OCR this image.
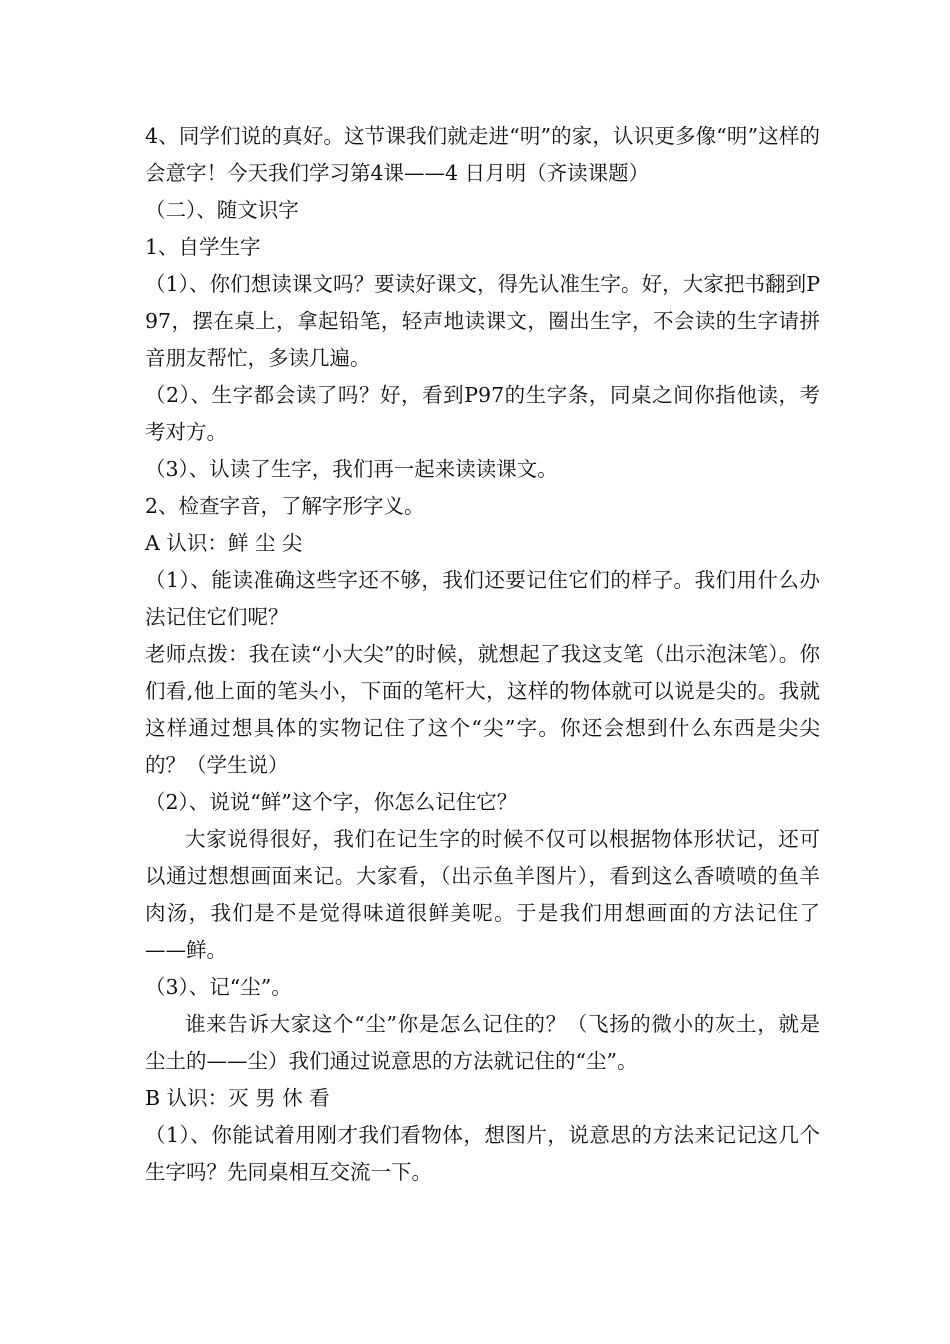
4、同学们说的真好。这节课我们就走进“明”的家，认识更多像“明”这样的会意字！今天我们学习第4课——4 日月明（齐读课题）

（二）、随文识字

1、自学生字

（1）、你们想读课文吗？要读好课文，得先认准生字。好，大家把书翻到P97，摆在桌上，拿起铅笔，轻声地读课文，圈出生字，不会读的生字请拼音朋友帮忙，多读几遍。

（2）、生字都会读了吗？好，看到P97的生字条，同桌之间你指他读，考考对方。

（3）、认读了生字，我们再一起来读读课文。

2、检查字音，了解字形字义。

A 认识：鲜 尘 尖

（1）、能读准确这些字还不够，我们还要记住它们的样子。我们用什么办法记住它们呢？

老师点拨：我在读“小大尖”的时候，就想起了我这支笔（出示泡沫笔）。你们看,他上面的笔头小，下面的笔杆大，这样的物体就可以说是尖的。我就这样通过想具体的实物记住了这个“尖”字。你还会想到什么东西是尖尖的？（学生说）

（2）、说说“鲜”这个字，你怎么记住它？

大家说得很好，我们在记生字的时候不仅可以根据物体形状记，还可以通过想想画面来记。大家看，（出示鱼羊图片），看到这么香喷喷的鱼羊肉汤，我们是不是觉得味道很鲜美呢。于是我们用想画面的方法记住了——鲜。

（3）、记“尘”。

谁来告诉大家这个“尘”你是怎么记住的？（飞扬的微小的灰土，就是尘土的——尘）我们通过说意思的方法就记住的“尘”。

B 认识：灭 男 休 看

（1）、你能试着用刚才我们看物体，想图片，说意思的方法来记记这几个生字吗？先同桌相互交流一下。
